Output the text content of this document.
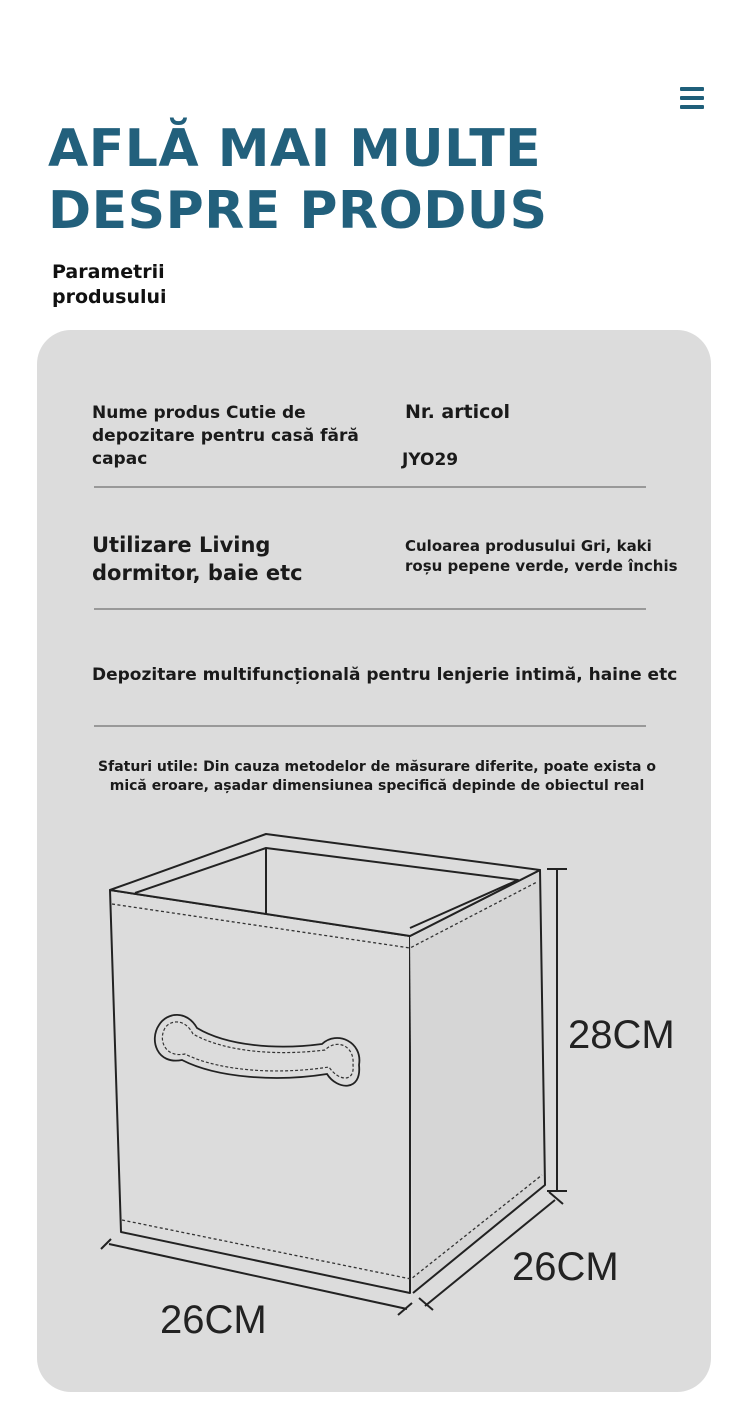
AFLĂ MAI MULTE
DESPRE PRODUS
Parametrii
produsului
Nume produs Cutie de
depozitare pentru casă fără
capac
Nr. articol
JYO29
Utilizare Living
dormitor, baie etc
Culoarea produsului Gri, kaki
roșu pepene verde, verde închis
Depozitare multifuncțională pentru lenjerie intimă, haine etc
Sfaturi utile: Din cauza metodelor de măsurare diferite, poate exista o
mică eroare, așadar dimensiunea specifică depinde de obiectul real
28CM
26CM
26CM
